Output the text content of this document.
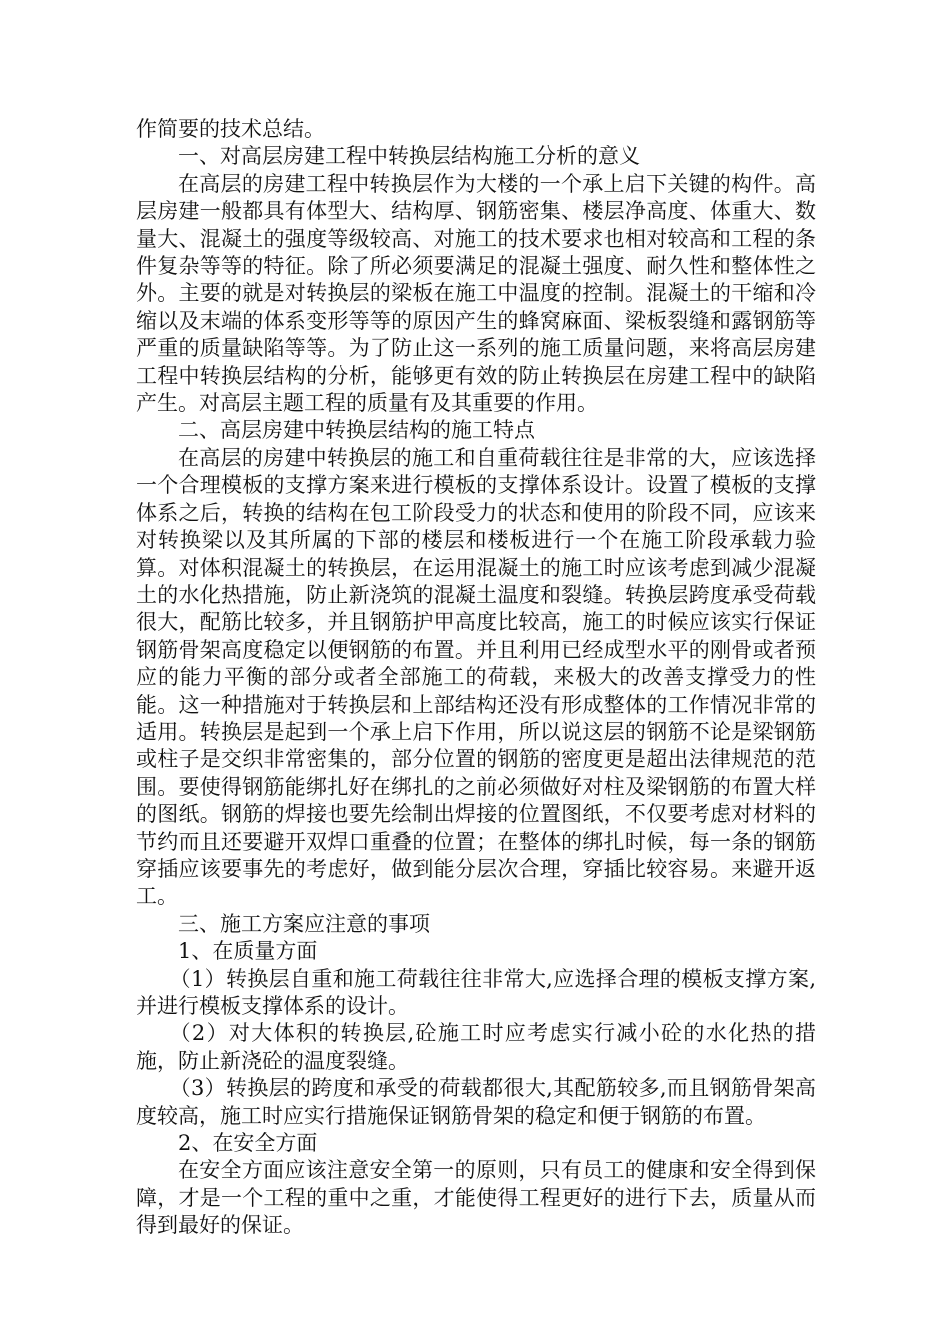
作简要的技术总结。

一、对高层房建工程中转换层结构施工分析的意义

在高层的房建工程中转换层作为大楼的一个承上启下关键的构件。高层房建一般都具有体型大、结构厚、钢筋密集、楼层净高度、体重大、数量大、混凝土的强度等级较高、对施工的技术要求也相对较高和工程的条件复杂等等的特征。除了所必须要满足的混凝土强度、耐久性和整体性之外。主要的就是对转换层的梁板在施工中温度的控制。混凝土的干缩和冷缩以及末端的体系变形等等的原因产生的蜂窝麻面、梁板裂缝和露钢筋等严重的质量缺陷等等。为了防止这一系列的施工质量问题，来将高层房建工程中转换层结构的分析，能够更有效的防止转换层在房建工程中的缺陷产生。对高层主题工程的质量有及其重要的作用。

二、高层房建中转换层结构的施工特点

在高层的房建中转换层的施工和自重荷载往往是非常的大，应该选择一个合理模板的支撑方案来进行模板的支撑体系设计。设置了模板的支撑体系之后，转换的结构在包工阶段受力的状态和使用的阶段不同，应该来对转换梁以及其所属的下部的楼层和楼板进行一个在施工阶段承载力验算。对体积混凝土的转换层，在运用混凝土的施工时应该考虑到减少混凝土的水化热措施，防止新浇筑的混凝土温度和裂缝。转换层跨度承受荷载很大，配筋比较多，并且钢筋护甲高度比较高，施工的时候应该实行保证钢筋骨架高度稳定以便钢筋的布置。并且利用已经成型水平的刚骨或者预应的能力平衡的部分或者全部施工的荷载，来极大的改善支撑受力的性能。这一种措施对于转换层和上部结构还没有形成整体的工作情况非常的适用。转换层是起到一个承上启下作用，所以说这层的钢筋不论是梁钢筋或柱子是交织非常密集的，部分位置的钢筋的密度更是超出法律规范的范围。要使得钢筋能绑扎好在绑扎的之前必须做好对柱及梁钢筋的布置大样的图纸。钢筋的焊接也要先绘制出焊接的位置图纸，不仅要考虑对材料的节约而且还要避开双焊口重叠的位置；在整体的绑扎时候，每一条的钢筋穿插应该要事先的考虑好，做到能分层次合理，穿插比较容易。来避开返工。

三、施工方案应注意的事项

1、在质量方面

（1）转换层自重和施工荷载往往非常大,应选择合理的模板支撑方案,并进行模板支撑体系的设计。

（2）对大体积的转换层,砼施工时应考虑实行减小砼的水化热的措施，防止新浇砼的温度裂缝。

（3）转换层的跨度和承受的荷载都很大,其配筋较多,而且钢筋骨架高度较高，施工时应实行措施保证钢筋骨架的稳定和便于钢筋的布置。

2、在安全方面

在安全方面应该注意安全第一的原则，只有员工的健康和安全得到保障，才是一个工程的重中之重，才能使得工程更好的进行下去，质量从而得到最好的保证。
